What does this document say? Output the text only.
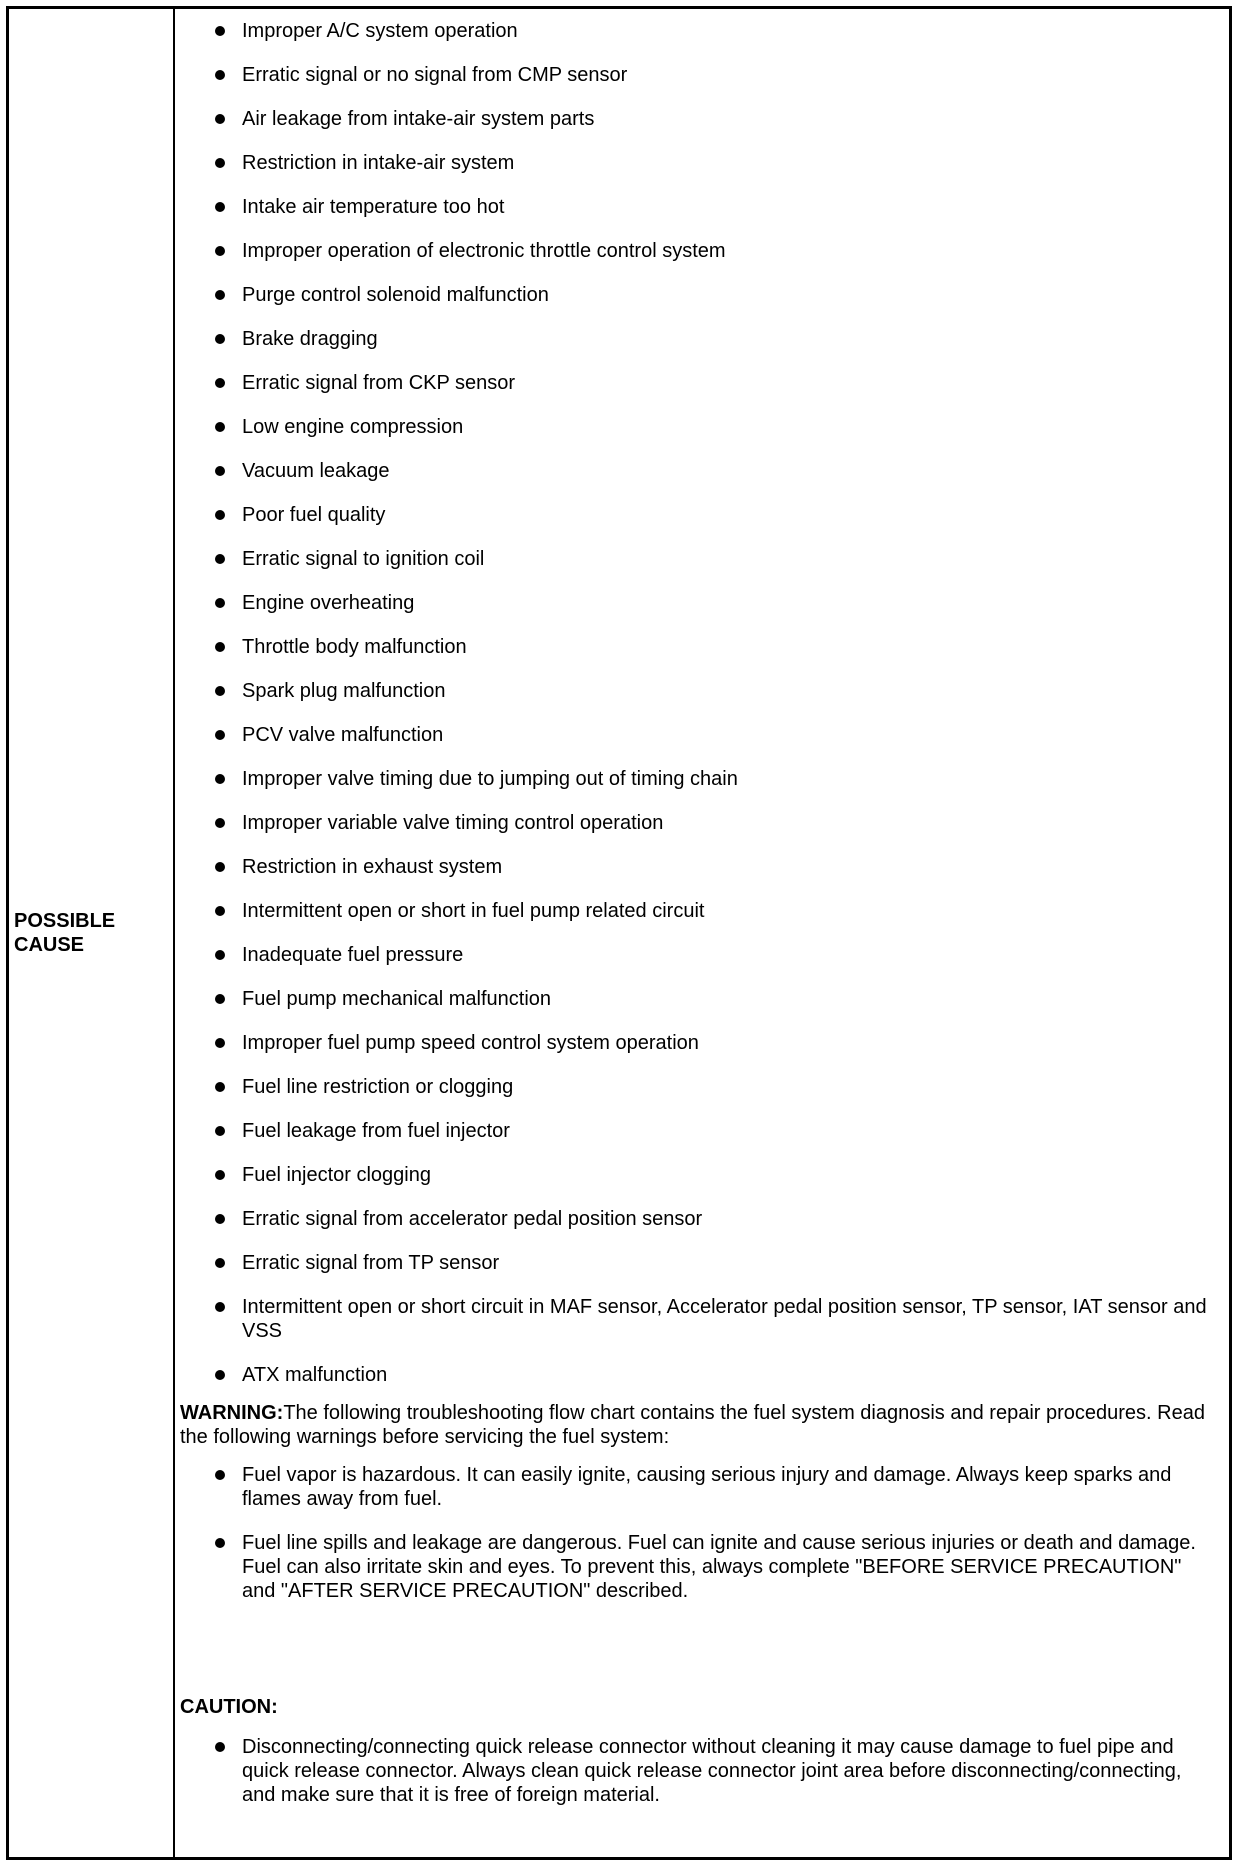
POSSIBLE CAUSE
Improper A/C system operation
Erratic signal or no signal from CMP sensor
Air leakage from intake-air system parts
Restriction in intake-air system
Intake air temperature too hot
Improper operation of electronic throttle control system
Purge control solenoid malfunction
Brake dragging
Erratic signal from CKP sensor
Low engine compression
Vacuum leakage
Poor fuel quality
Erratic signal to ignition coil
Engine overheating
Throttle body malfunction
Spark plug malfunction
PCV valve malfunction
Improper valve timing due to jumping out of timing chain
Improper variable valve timing control operation
Restriction in exhaust system
Intermittent open or short in fuel pump related circuit
Inadequate fuel pressure
Fuel pump mechanical malfunction
Improper fuel pump speed control system operation
Fuel line restriction or clogging
Fuel leakage from fuel injector
Fuel injector clogging
Erratic signal from accelerator pedal position sensor
Erratic signal from TP sensor
Intermittent open or short circuit in MAF sensor, Accelerator pedal position sensor, TP sensor, IAT sensor and VSS
ATX malfunction

WARNING:The following troubleshooting flow chart contains the fuel system diagnosis and repair procedures. Read the following warnings before servicing the fuel system:

Fuel vapor is hazardous. It can easily ignite, causing serious injury and damage. Always keep sparks and flames away from fuel.
Fuel line spills and leakage are dangerous. Fuel can ignite and cause serious injuries or death and damage. Fuel can also irritate skin and eyes. To prevent this, always complete "BEFORE SERVICE PRECAUTION" and "AFTER SERVICE PRECAUTION" described.
CAUTION:
Disconnecting/connecting quick release connector without cleaning it may cause damage to fuel pipe and quick release connector. Always clean quick release connector joint area before disconnecting/connecting, and make sure that it is free of foreign material.
